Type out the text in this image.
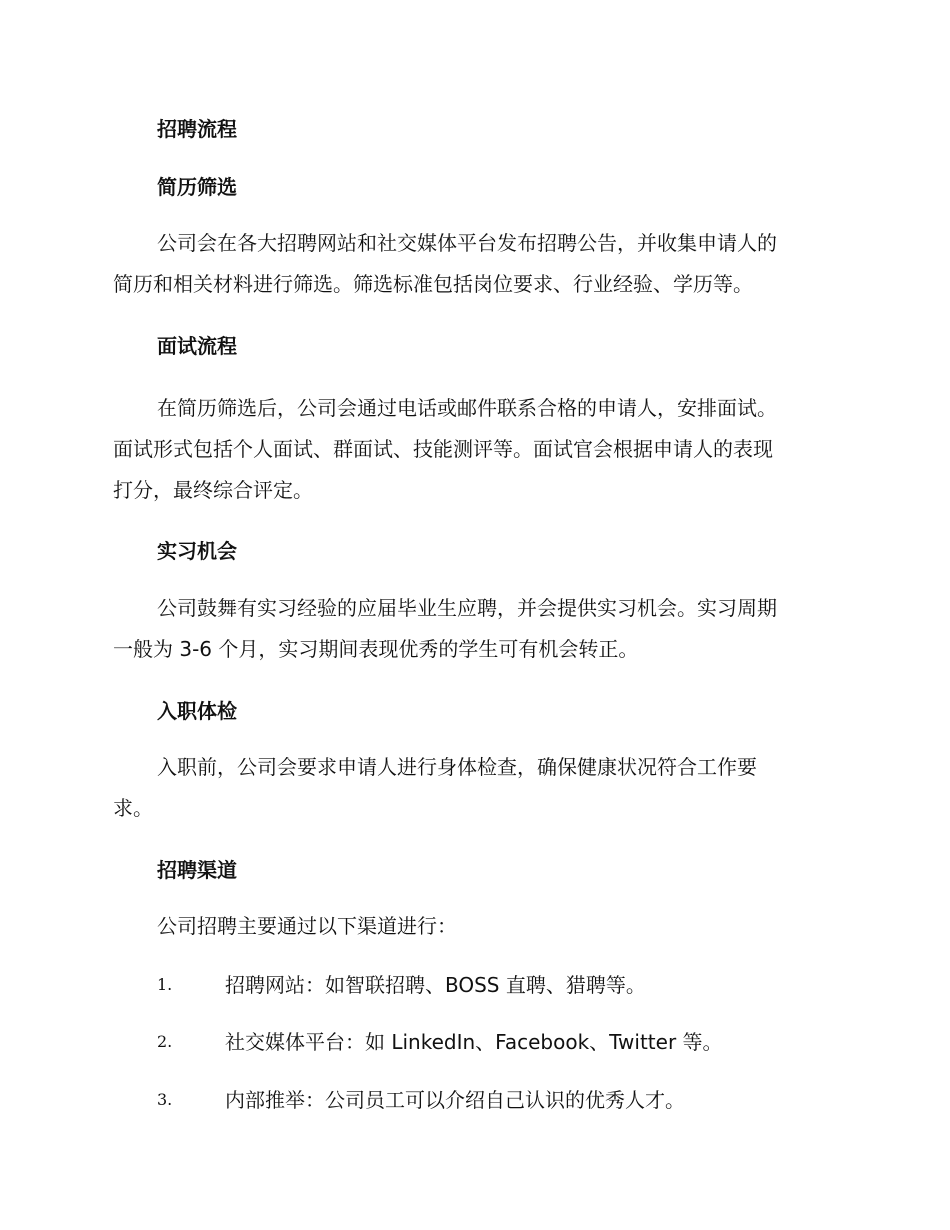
招聘流程
简历筛选
公司会在各大招聘网站和社交媒体平台发布招聘公告，并收集申请人的
简历和相关材料进行筛选。筛选标准包括岗位要求、行业经验、学历等。
面试流程
在简历筛选后，公司会通过电话或邮件联系合格的申请人，安排面试。
面试形式包括个人面试、群面试、技能测评等。面试官会根据申请人的表现
打分，最终综合评定。
实习机会
公司鼓舞有实习经验的应届毕业生应聘，并会提供实习机会。实习周期
一般为 3-6 个月，实习期间表现优秀的学生可有机会转正。
入职体检
入职前，公司会要求申请人进行身体检查，确保健康状况符合工作要
求。
招聘渠道
公司招聘主要通过以下渠道进行：
1.	招聘网站：如智联招聘、BOSS 直聘、猎聘等。
2.	社交媒体平台：如 LinkedIn、Facebook、Twitter 等。
3.	内部推举：公司员工可以介绍自己认识的优秀人才。
